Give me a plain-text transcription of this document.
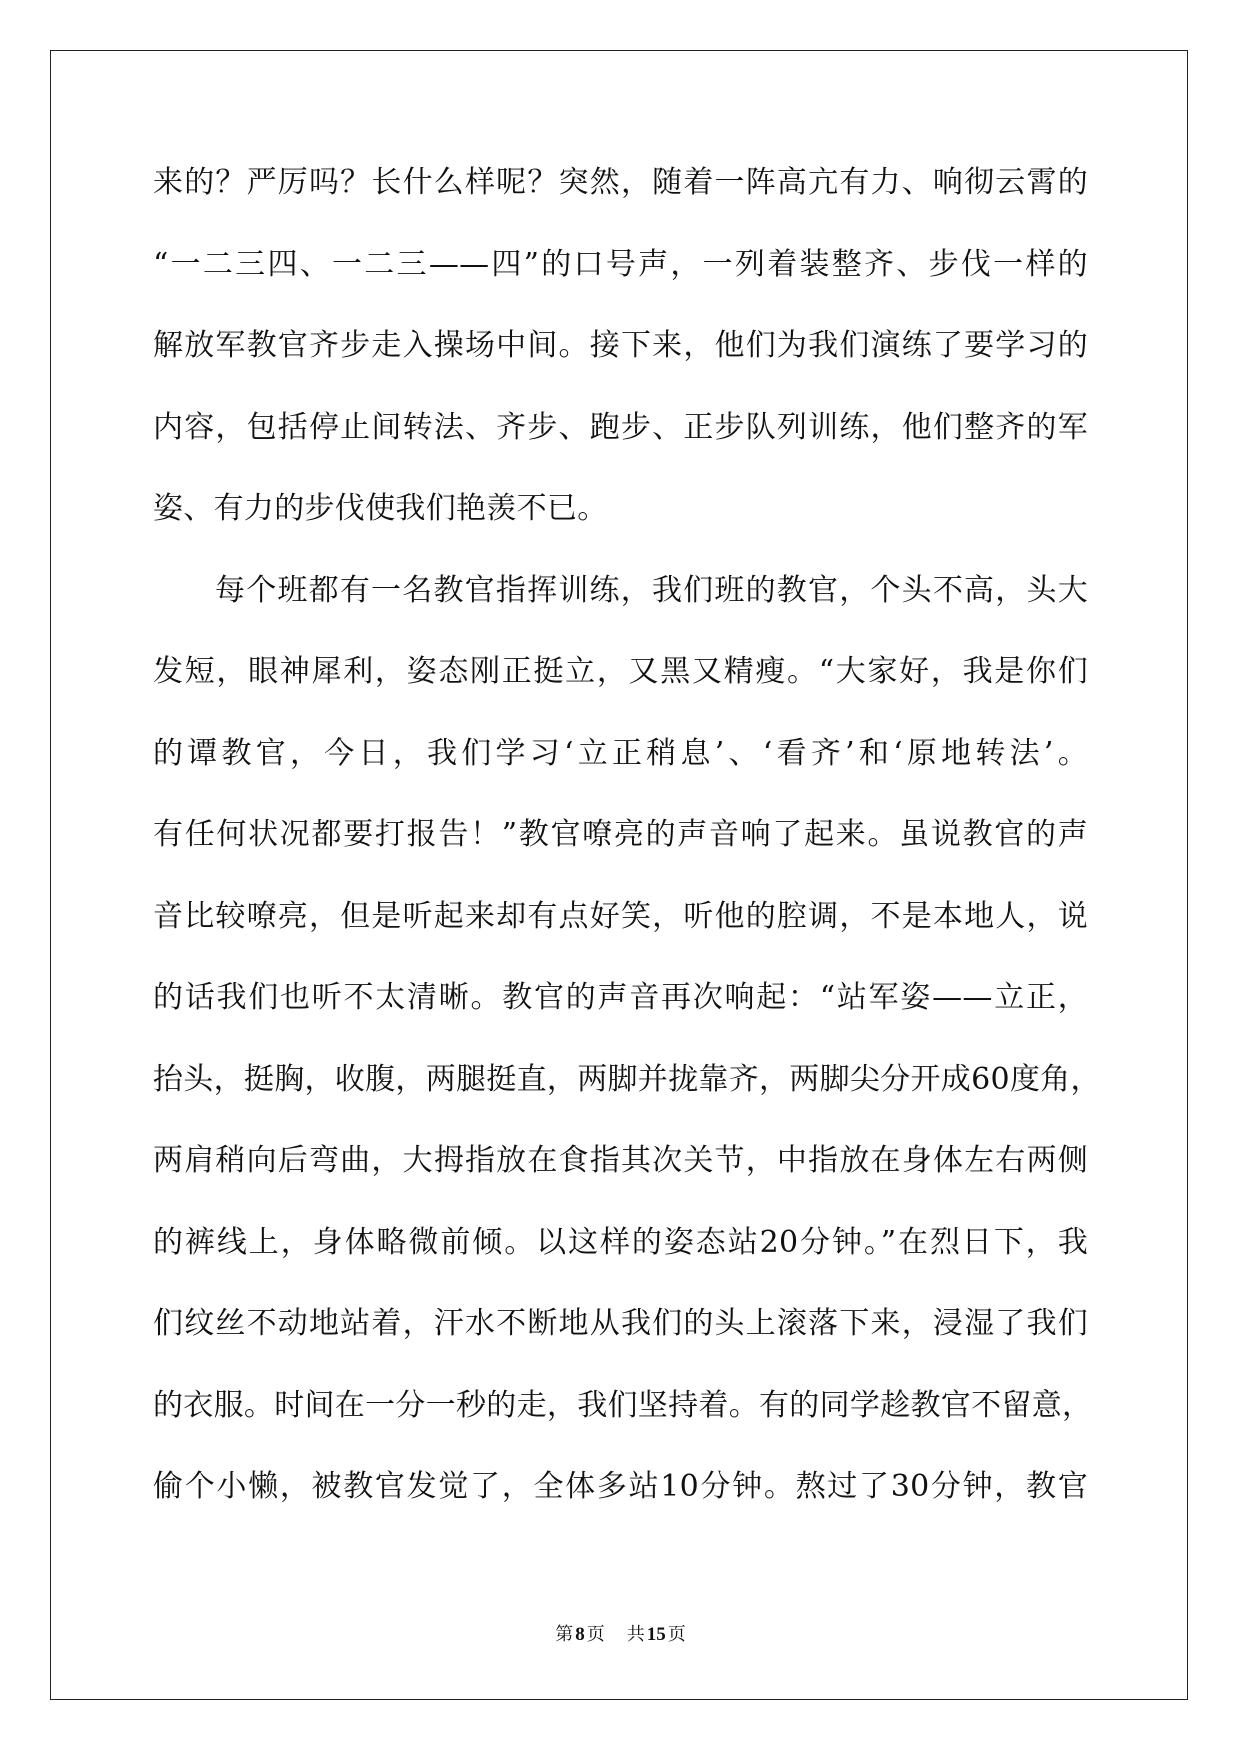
来的？严厉吗？长什么样呢？突然，随着一阵高亢有力、响彻云霄的
“一二三四、一二三——四”的口号声，一列着装整齐、步伐一样的
解放军教官齐步走入操场中间。接下来，他们为我们演练了要学习的
内容，包括停止间转法、齐步、跑步、正步队列训练，他们整齐的军
姿、有力的步伐使我们艳羡不已。
每个班都有一名教官指挥训练，我们班的教官，个头不高，头大
发短，眼神犀利，姿态刚正挺立，又黑又精瘦。“大家好，我是你们
的谭教官，今日，我们学习‘立正稍息’、‘看齐’和‘原地转法’。
有任何状况都要打报告！”教官嘹亮的声音响了起来。虽说教官的声
音比较嘹亮，但是听起来却有点好笑，听他的腔调，不是本地人，说
的话我们也听不太清晰。教官的声音再次响起：“站军姿——立正，
抬头，挺胸，收腹，两腿挺直，两脚并拢靠齐，两脚尖分开成60度角，
两肩稍向后弯曲，大拇指放在食指其次关节，中指放在身体左右两侧
的裤线上，身体略微前倾。以这样的姿态站20分钟。”在烈日下，我
们纹丝不动地站着，汗水不断地从我们的头上滚落下来，浸湿了我们
的衣服。时间在一分一秒的走，我们坚持着。有的同学趁教官不留意，
偷个小懒，被教官发觉了，全体多站10分钟。熬过了30分钟，教官
第 8 页 共 15 页
